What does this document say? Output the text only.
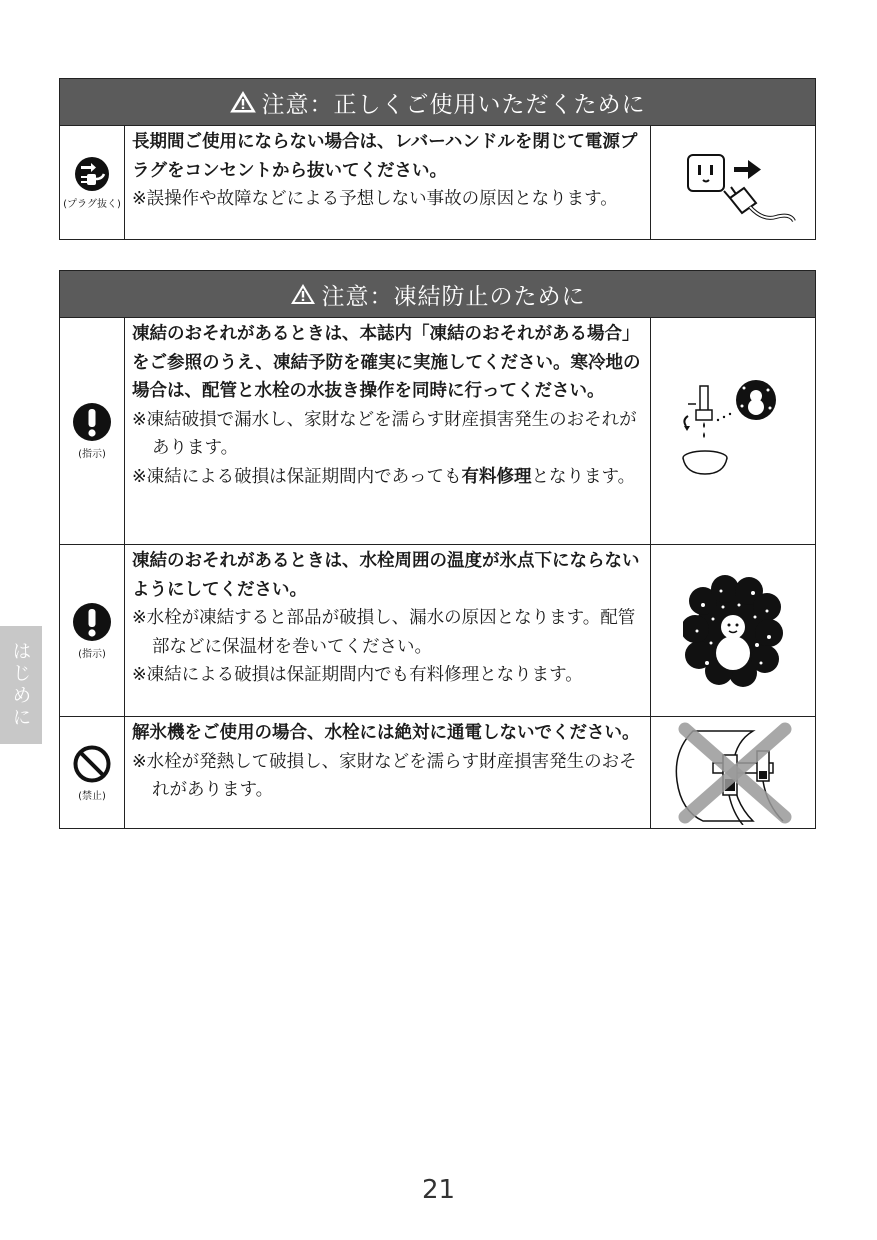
注意：正しくご使用いただくために
(プラグ抜く)
長期間ご使用にならない場合は、レバーハンドルを閉じて電源プラグをコンセントから抜いてください。
※誤操作や故障などによる予想しない事故の原因となります。
注意：凍結防止のために
(指示)
凍結のおそれがあるときは、本誌内「凍結のおそれがある場合」をご参照のうえ、凍結予防を確実に実施してください。寒冷地の場合は、配管と水栓の水抜き操作を同時に行ってください。
※凍結破損で漏水し、家財などを濡らす財産損害発生のおそれがあります。
※凍結による破損は保証期間内であっても有料修理となります。
(指示)
凍結のおそれがあるときは、水栓周囲の温度が氷点下にならないようにしてください。
※水栓が凍結すると部品が破損し、漏水の原因となります。配管部などに保温材を巻いてください。
※凍結による破損は保証期間内でも有料修理となります。
(禁止)
解氷機をご使用の場合、水栓には絶対に通電しないでください。
※水栓が発熱して破損し、家財などを濡らす財産損害発生のおそれがあります。
はじめに
21
